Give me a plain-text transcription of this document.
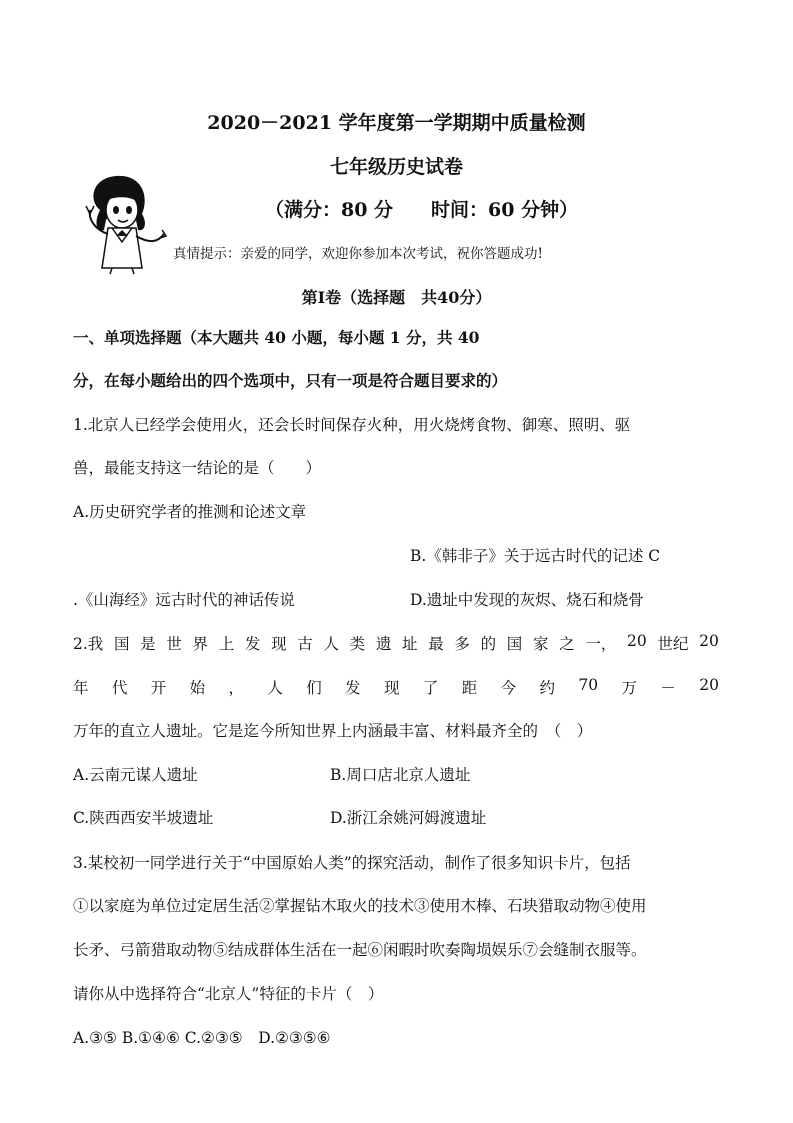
2020－2021 学年度第一学期期中质量检测
七年级历史试卷
（满分：80 分　　时间：60 分钟）
真情提示：亲爱的同学，欢迎你参加本次考试，祝你答题成功!
第Ⅰ卷（选择题　共40分）
一、单项选择题（本大题共 40 小题，每小题 1 分，共 40
分，在每小题给出的四个选项中，只有一项是符合题目要求的）
1.北京人已经学会使用火，还会长时间保存火种，用火烧烤食物、御寒、照明、驱
兽，最能支持这一结论的是（　　）
A.历史研究学者的推测和论述文章
B.《韩非子》关于远古时代的记述 C
.《山海经》远古时代的神话传说	D.遗址中发现的灰烬、烧石和烧骨
2.我 国 是 世 界 上 发 现 古 人 类 遗 址 最 多 的 国 家 之 一， 20 世纪 20
年 代 开 始 ， 人 们 发 现 了 距 今 约 70 万 － 20
万年的直立人遗址。它是迄今所知世界上内涵最丰富、材料最齐全的　（　）
A.云南元谋人遗址	B.周口店北京人遗址
C.陕西西安半坡遗址	D.浙江余姚河姆渡遗址
3.某校初一同学进行关于“中国原始人类”的探究活动，制作了很多知识卡片，包括
①以家庭为单位过定居生活②掌握钻木取火的技术③使用木棒、石块猎取动物④使用
长矛、弓箭猎取动物⑤结成群体生活在一起⑥闲暇时吹奏陶埙娱乐⑦会缝制衣服等。
请你从中选择符合“北京人”特征的卡片（　）
A.③⑤ B.①④⑥ C.②③⑤　D.②③⑤⑥
